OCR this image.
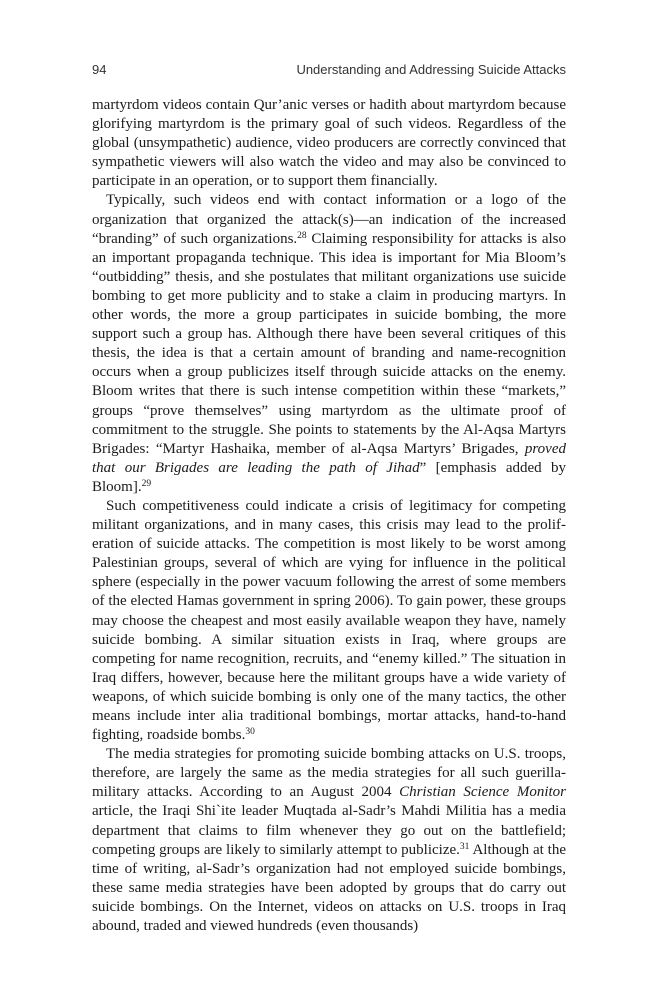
94	Understanding and Addressing Suicide Attacks

martyrdom videos contain Qur’anic verses or hadith about martyrdom because glorifying martyrdom is the primary goal of such videos. Regardless of the global (unsympathetic) audience, video producers are correctly convinced that sympathetic viewers will also watch the video and may also be convinced to participate in an operation, or to support them financially.

Typically, such videos end with contact information or a logo of the organization that organized the attack(s)—an indication of the increased “branding” of such organizations.$^{28}$ Claiming responsibility for attacks is also an important propaganda technique. This idea is important for Mia Bloom’s “outbidding” thesis, and she postulates that militant organizations use suicide bombing to get more publicity and to stake a claim in producing martyrs. In other words, the more a group participates in suicide bombing, the more support such a group has. Although there have been several critiques of this thesis, the idea is that a certain amount of branding and name-recognition occurs when a group publicizes itself through suicide attacks on the enemy. Bloom writes that there is such intense competition within these “markets,” groups “prove themselves” using martyrdom as the ultimate proof of commitment to the struggle. She points to statements by the Al-Aqsa Martyrs Brigades: “Martyr Hashaika, member of al-Aqsa Martyrs’ Brigades, proved that our Brigades are leading the path of Jihad” [emphasis added by Bloom].$^{29}$

Such competitiveness could indicate a crisis of legitimacy for competing militant organizations, and in many cases, this crisis may lead to the proliferation of suicide attacks. The competition is most likely to be worst among Palestinian groups, several of which are vying for influence in the political sphere (especially in the power vacuum following the arrest of some members of the elected Hamas government in spring 2006). To gain power, these groups may choose the cheapest and most easily available weapon they have, namely suicide bombing. A similar situation exists in Iraq, where groups are competing for name recognition, recruits, and “enemy killed.” The situation in Iraq differs, however, because here the militant groups have a wide variety of weapons, of which suicide bombing is only one of the many tactics, the other means include inter alia traditional bombings, mortar attacks, hand-to-hand fighting, roadside bombs.$^{30}$

The media strategies for promoting suicide bombing attacks on U.S. troops, therefore, are largely the same as the media strategies for all such guerilla-military attacks. According to an August 2004 Christian Science Monitor article, the Iraqi Shi`ite leader Muqtada al-Sadr’s Mahdi Militia has a media department that claims to film whenever they go out on the battlefield; competing groups are likely to similarly attempt to publicize.$^{31}$ Although at the time of writing, al-Sadr’s organization had not employed suicide bombings, these same media strategies have been adopted by groups that do carry out suicide bombings. On the Internet, videos on attacks on U.S. troops in Iraq abound, traded and viewed hundreds (even thousands)
